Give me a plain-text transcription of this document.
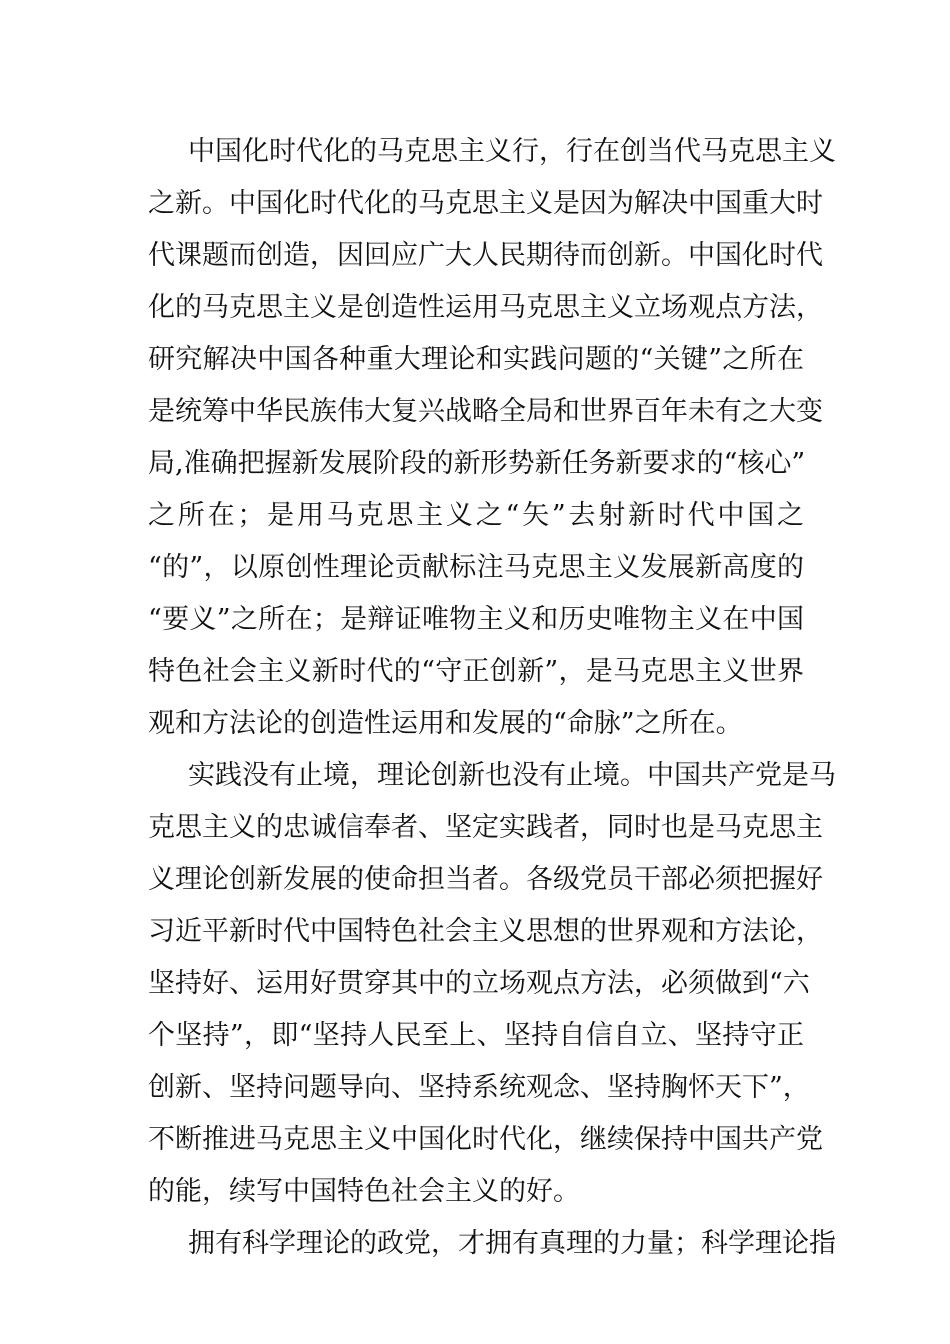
中国化时代化的马克思主义行，行在创当代马克思主义
之新。中国化时代化的马克思主义是因为解决中国重大时
代课题而创造，因回应广大人民期待而创新。中国化时代
化的马克思主义是创造性运用马克思主义立场观点方法，
研究解决中国各种重大理论和实践问题的“关键”之所在
是统筹中华民族伟大复兴战略全局和世界百年未有之大变
局,准确把握新发展阶段的新形势新任务新要求的“核心”
之所在；是用马克思主义之“矢”去射新时代中国之
“的”，以原创性理论贡献标注马克思主义发展新高度的
“要义”之所在；是辩证唯物主义和历史唯物主义在中国
特色社会主义新时代的“守正创新”，是马克思主义世界
观和方法论的创造性运用和发展的“命脉”之所在。
实践没有止境，理论创新也没有止境。中国共产党是马
克思主义的忠诚信奉者、坚定实践者，同时也是马克思主
义理论创新发展的使命担当者。各级党员干部必须把握好
习近平新时代中国特色社会主义思想的世界观和方法论，
坚持好、运用好贯穿其中的立场观点方法，必须做到“六
个坚持”，即“坚持人民至上、坚持自信自立、坚持守正
创新、坚持问题导向、坚持系统观念、坚持胸怀天下”，
不断推进马克思主义中国化时代化，继续保持中国共产党
的能，续写中国特色社会主义的好。
拥有科学理论的政党，才拥有真理的力量；科学理论指
